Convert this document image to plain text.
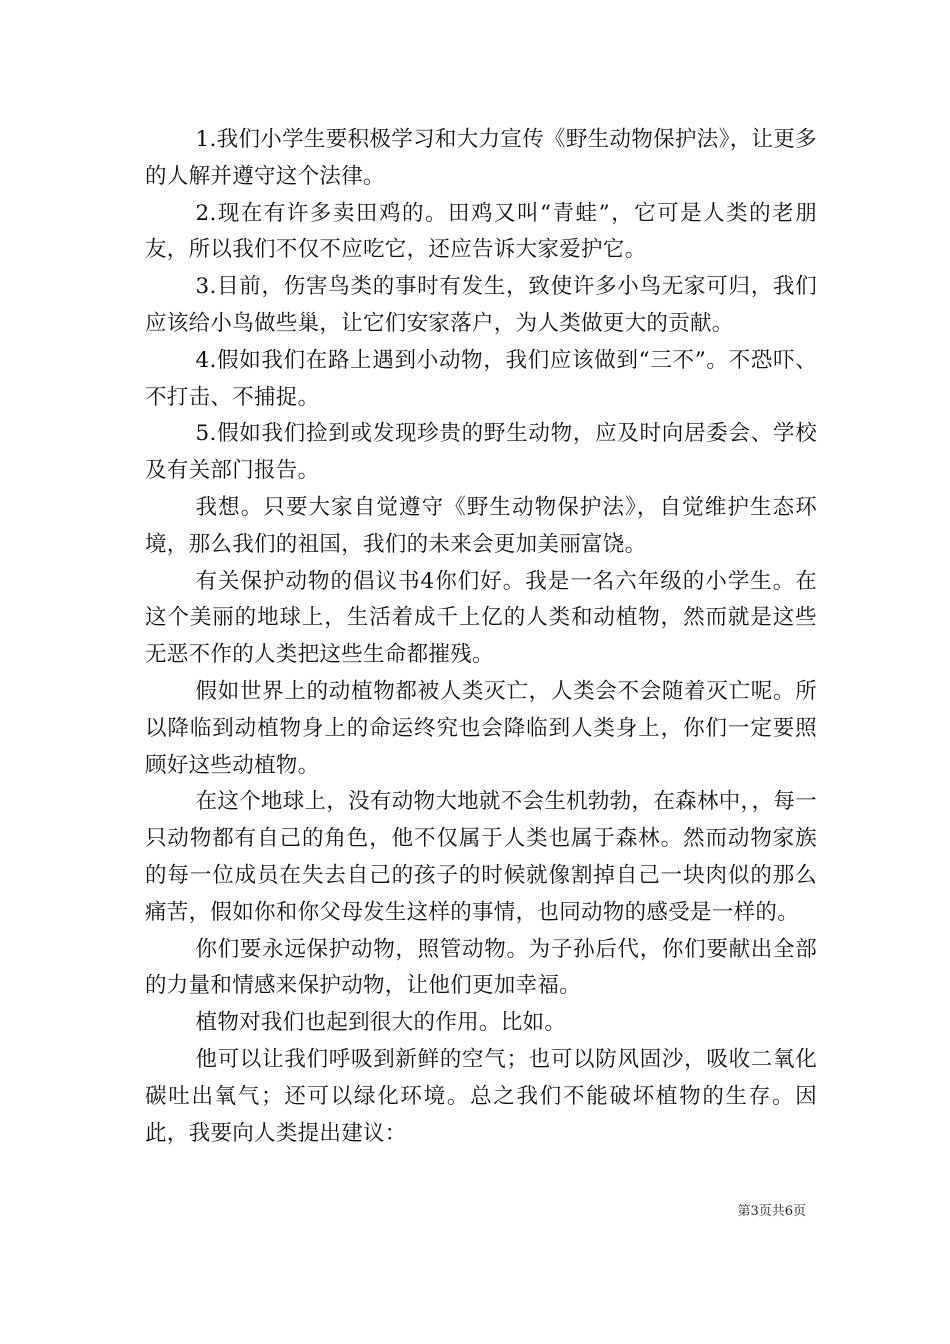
1.我们小学生要积极学习和大力宣传《野生动物保护法》，让更多的人解并遵守这个法律。

2.现在有许多卖田鸡的。田鸡又叫“青蛙”，它可是人类的老朋友，所以我们不仅不应吃它，还应告诉大家爱护它。

3.目前，伤害鸟类的事时有发生，致使许多小鸟无家可归，我们应该给小鸟做些巢，让它们安家落户，为人类做更大的贡献。

4.假如我们在路上遇到小动物，我们应该做到“三不”。不恐吓、不打击、不捕捉。

5.假如我们捡到或发现珍贵的野生动物，应及时向居委会、学校及有关部门报告。

我想。只要大家自觉遵守《野生动物保护法》，自觉维护生态环境，那么我们的祖国，我们的未来会更加美丽富饶。

有关保护动物的倡议书4你们好。我是一名六年级的小学生。在这个美丽的地球上，生活着成千上亿的人类和动植物，然而就是这些无恶不作的人类把这些生命都摧残。

假如世界上的动植物都被人类灭亡，人类会不会随着灭亡呢。所以降临到动植物身上的命运终究也会降临到人类身上，你们一定要照顾好这些动植物。

在这个地球上，没有动物大地就不会生机勃勃，在森林中，，每一只动物都有自己的角色，他不仅属于人类也属于森林。然而动物家族的每一位成员在失去自己的孩子的时候就像割掉自己一块肉似的那么痛苦，假如你和你父母发生这样的事情，也同动物的感受是一样的。

你们要永远保护动物，照管动物。为子孙后代，你们要献出全部的力量和情感来保护动物，让他们更加幸福。

植物对我们也起到很大的作用。比如。

他可以让我们呼吸到新鲜的空气；也可以防风固沙，吸收二氧化碳吐出氧气；还可以绿化环境。总之我们不能破坏植物的生存。因此，我要向人类提出建议：

第3页共6页
